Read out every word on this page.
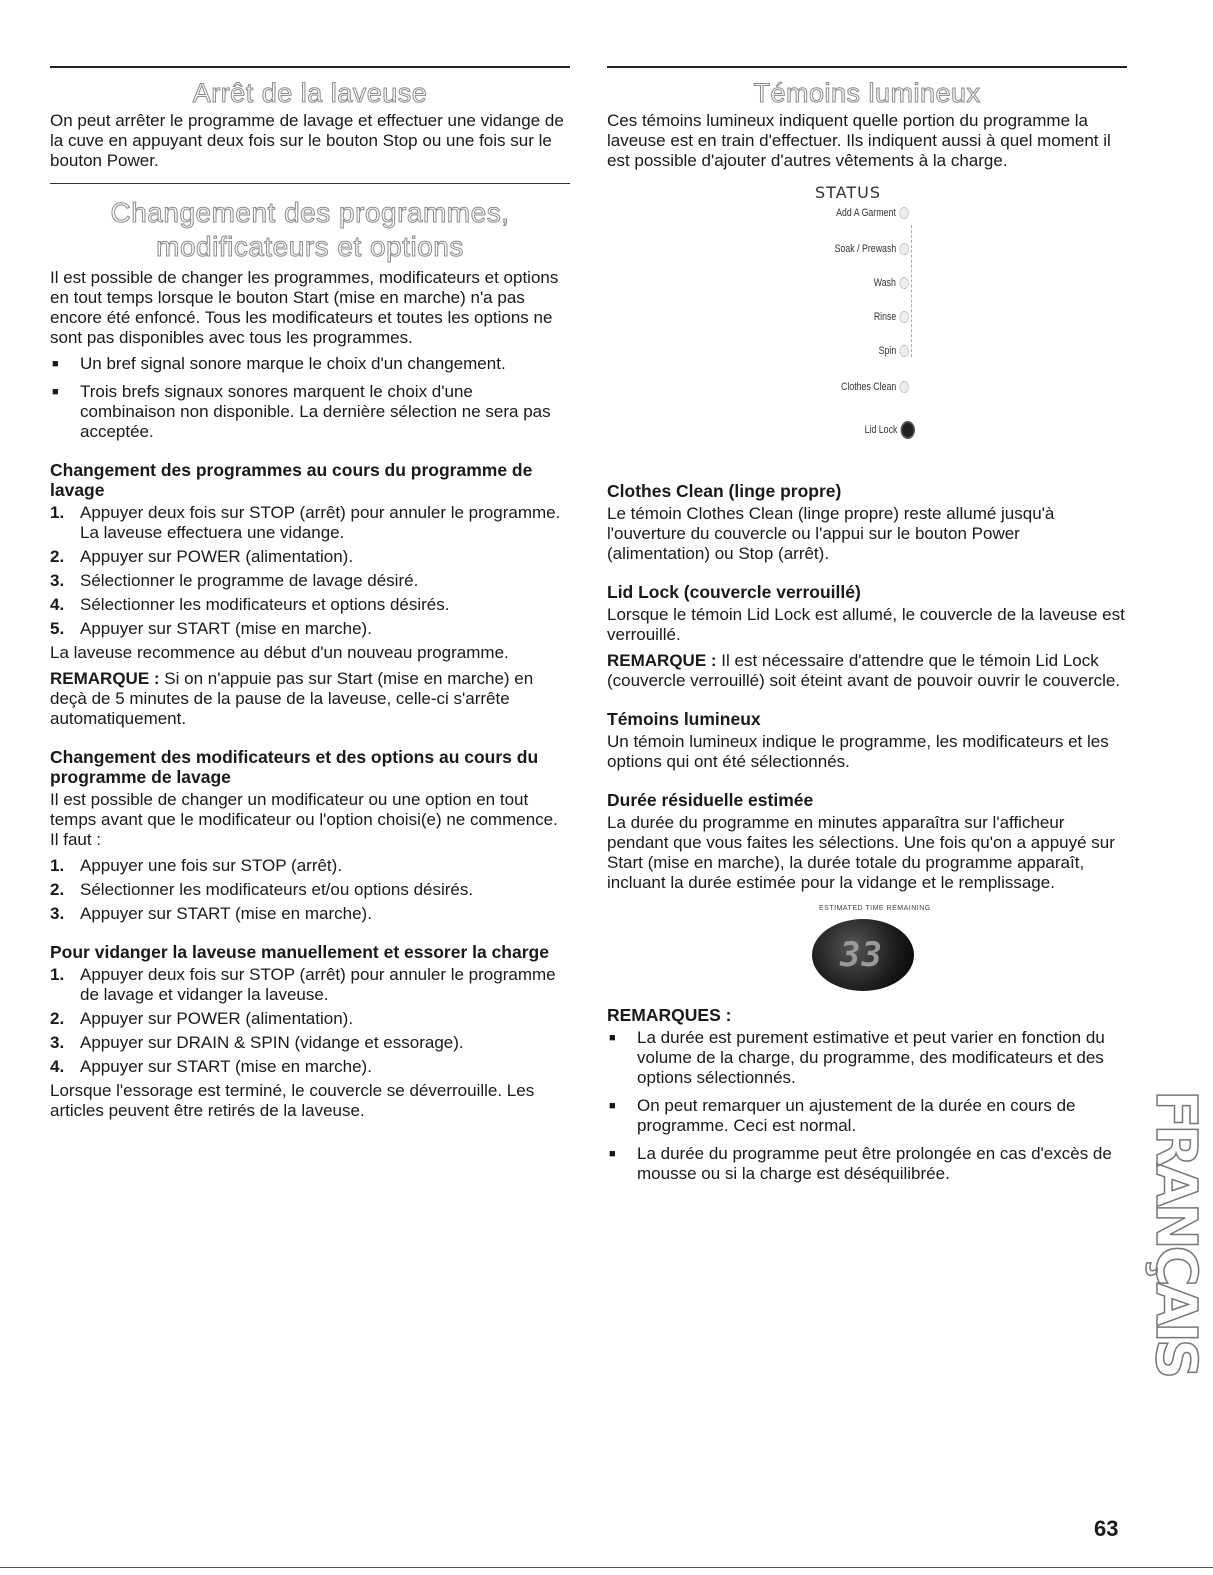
Arrêt de la laveuse

On peut arrêter le programme de lavage et effectuer une vidange de la cuve en appuyant deux fois sur le bouton Stop ou une fois sur le bouton Power.

Changement des programmes,
modificateurs et options

Il est possible de changer les programmes, modificateurs et options en tout temps lorsque le bouton Start (mise en marche) n'a pas encore été enfoncé. Tous les modificateurs et toutes les options ne sont pas disponibles avec tous les programmes.

■ Un bref signal sonore marque le choix d'un changement.
■ Trois brefs signaux sonores marquent le choix d'une combinaison non disponible. La dernière sélection ne sera pas acceptée.
Changement des programmes au cours du programme de lavage
1. Appuyer deux fois sur STOP (arrêt) pour annuler le programme. La laveuse effectuera une vidange.
2. Appuyer sur POWER (alimentation).
3. Sélectionner le programme de lavage désiré.
4. Sélectionner les modificateurs et options désirés.
5. Appuyer sur START (mise en marche).

La laveuse recommence au début d'un nouveau programme.

REMARQUE : Si on n'appuie pas sur Start (mise en marche) en deçà de 5 minutes de la pause de la laveuse, celle-ci s'arrête automatiquement.

Changement des modificateurs et des options au cours du programme de lavage

Il est possible de changer un modificateur ou une option en tout temps avant que le modificateur ou l'option choisi(e) ne commence. Il faut :

1. Appuyer une fois sur STOP (arrêt).
2. Sélectionner les modificateurs et/ou options désirés.
3. Appuyer sur START (mise en marche).
Pour vidanger la laveuse manuellement et essorer la charge
1. Appuyer deux fois sur STOP (arrêt) pour annuler le programme de lavage et vidanger la laveuse.
2. Appuyer sur POWER (alimentation).
3. Appuyer sur DRAIN & SPIN (vidange et essorage).
4. Appuyer sur START (mise en marche).

Lorsque l'essorage est terminé, le couvercle se déverrouille. Les articles peuvent être retirés de la laveuse.

Témoins lumineux

Ces témoins lumineux indiquent quelle portion du programme la laveuse est en train d'effectuer. Ils indiquent aussi à quel moment il est possible d'ajouter d'autres vêtements à la charge.

STATUS
Add A Garment
Soak / Prewash
Wash
Rinse
Spin
Clothes Clean
Lid Lock
Clothes Clean (linge propre)

Le témoin Clothes Clean (linge propre) reste allumé jusqu'à l'ouverture du couvercle ou l'appui sur le bouton Power (alimentation) ou Stop (arrêt).

Lid Lock (couvercle verrouillé)

Lorsque le témoin Lid Lock est allumé, le couvercle de la laveuse est verrouillé.

REMARQUE : Il est nécessaire d'attendre que le témoin Lid Lock (couvercle verrouillé) soit éteint avant de pouvoir ouvrir le couvercle.

Témoins lumineux

Un témoin lumineux indique le programme, les modificateurs et les options qui ont été sélectionnés.

Durée résiduelle estimée

La durée du programme en minutes apparaîtra sur l'afficheur pendant que vous faites les sélections. Une fois qu'on a appuyé sur Start (mise en marche), la durée totale du programme apparaît, incluant la durée estimée pour la vidange et le remplissage.

ESTIMATED TIME REMAINING
33
REMARQUES :
■ La durée est purement estimative et peut varier en fonction du volume de la charge, du programme, des modificateurs et des options sélectionnés.
■ On peut remarquer un ajustement de la durée en cours de programme. Ceci est normal.
■ La durée du programme peut être prolongée en cas d'excès de mousse ou si la charge est déséquilibrée.	FRANÇAIS
63
